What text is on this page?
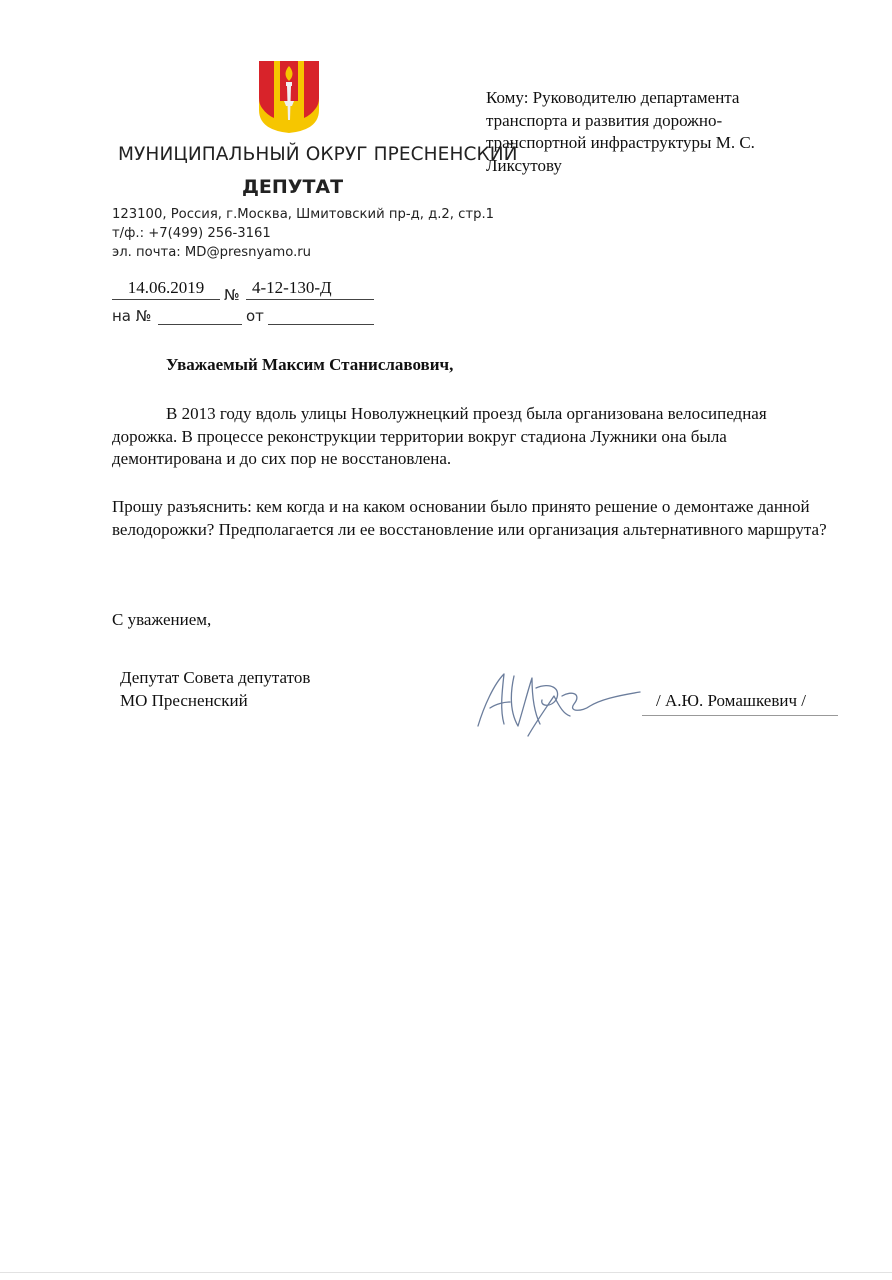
МУНИЦИПАЛЬНЫЙ ОКРУГ ПРЕСНЕНСКИЙ
ДЕПУТАТ
123100, Россия, г.Москва, Шмитовский пр-д, д.2, стр.1
т/ф.: +7(499) 256-3161
эл. почта: MD@presnyamo.ru
14.06.2019	№ 4-12-130-Д
на №	от
Кому: Руководителю департамента транспорта и развития дорожно-транспортной инфраструктуры М. С. Ликсутову
Уважаемый Максим Станиславович,
В 2013 году вдоль улицы Новолужнецкий проезд была организована велосипедная дорожка. В процессе реконструкции территории вокруг стадиона Лужники она была демонтирована и до сих пор не восстановлена.
Прошу разъяснить: кем когда и на каком основании было принято решение о демонтаже данной велодорожки? Предполагается ли ее восстановление или организация альтернативного маршрута?
С уважением,
Депутат Совета депутатов
МО Пресненский	/ А.Ю. Ромашкевич /
